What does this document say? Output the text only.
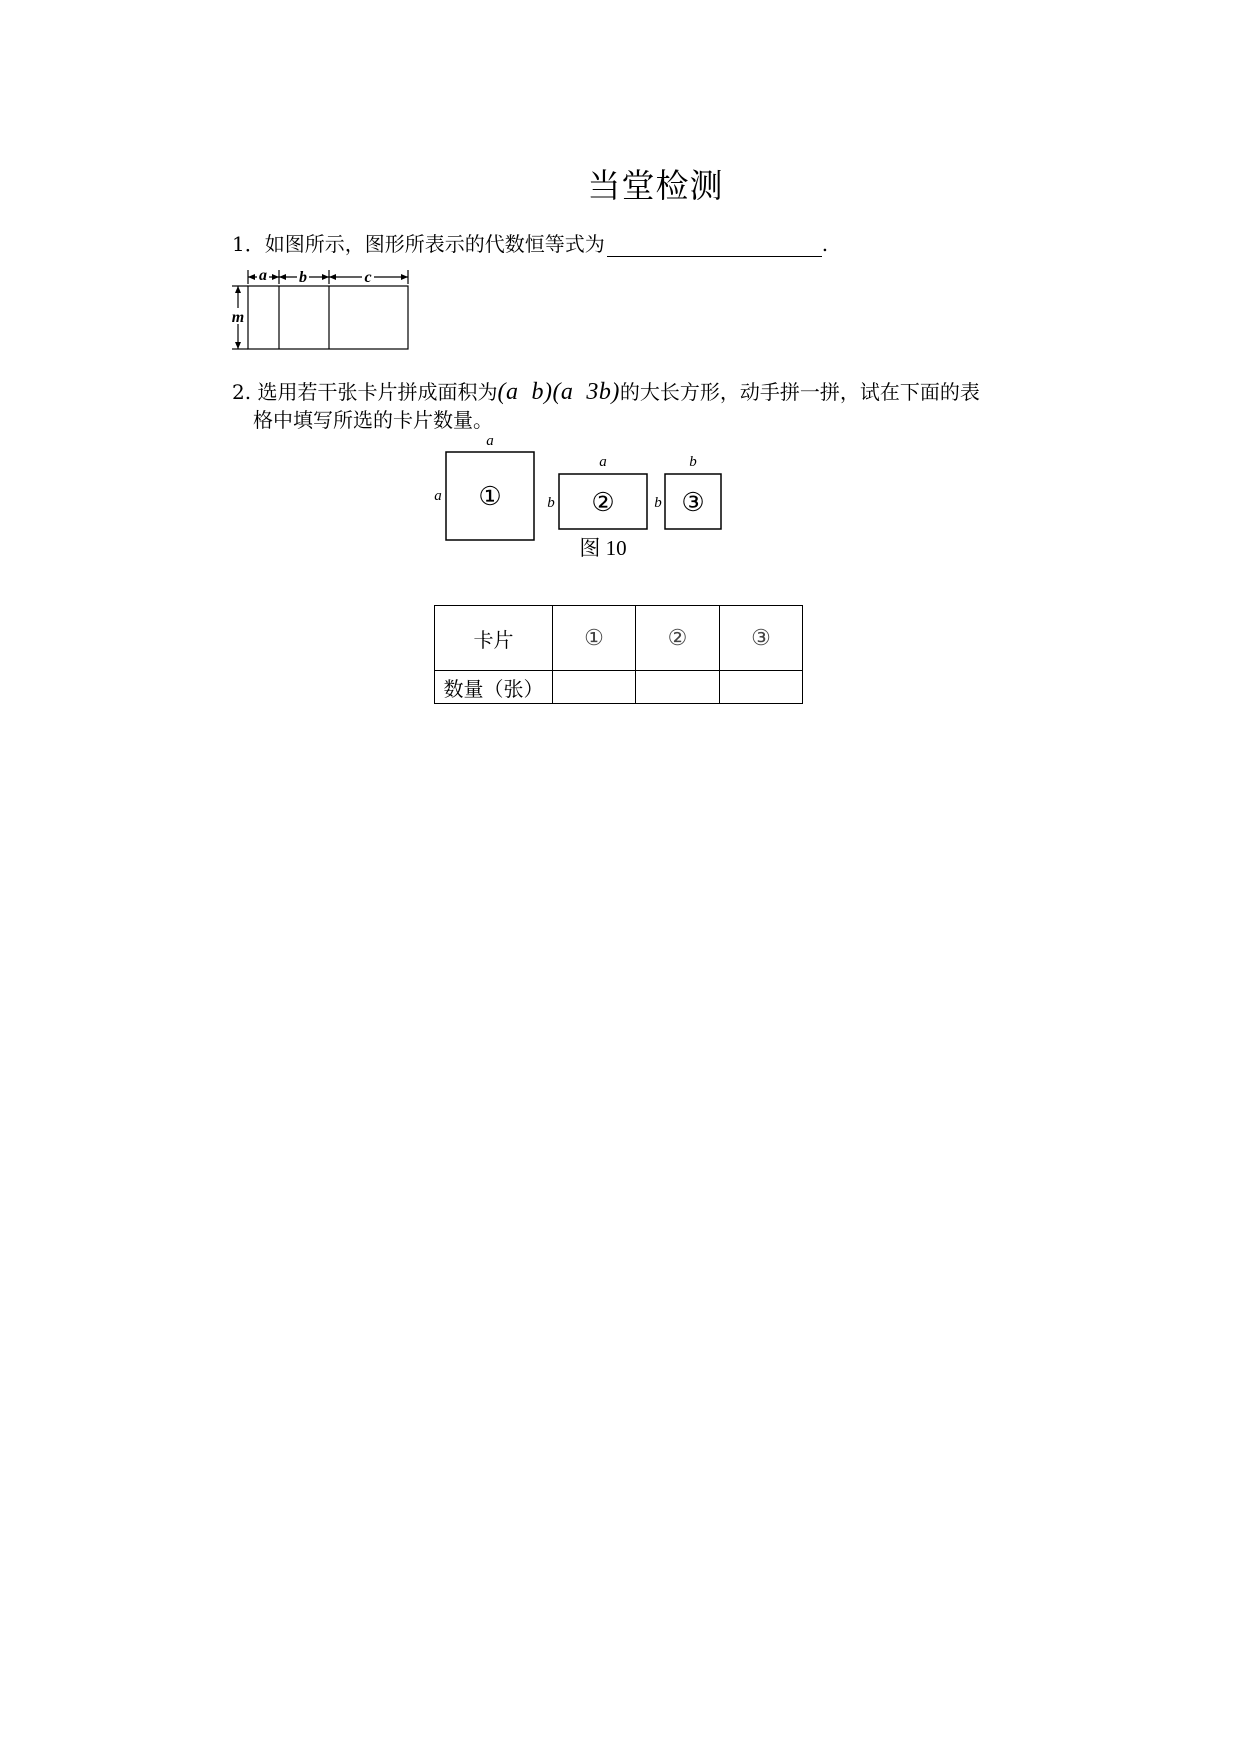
当堂检测
1．如图所示，图形所表示的代数恒等式为	.
a b	c
m
2. 选用若干张卡片拼成面积为(a  b)(a  3b)的大长方形，动手拼一拼，试在下面的表
格中填写所选的卡片数量。
a
a ①
a
b ②
b
b ③
图 10
卡片	①	②	③
数量（张）			
